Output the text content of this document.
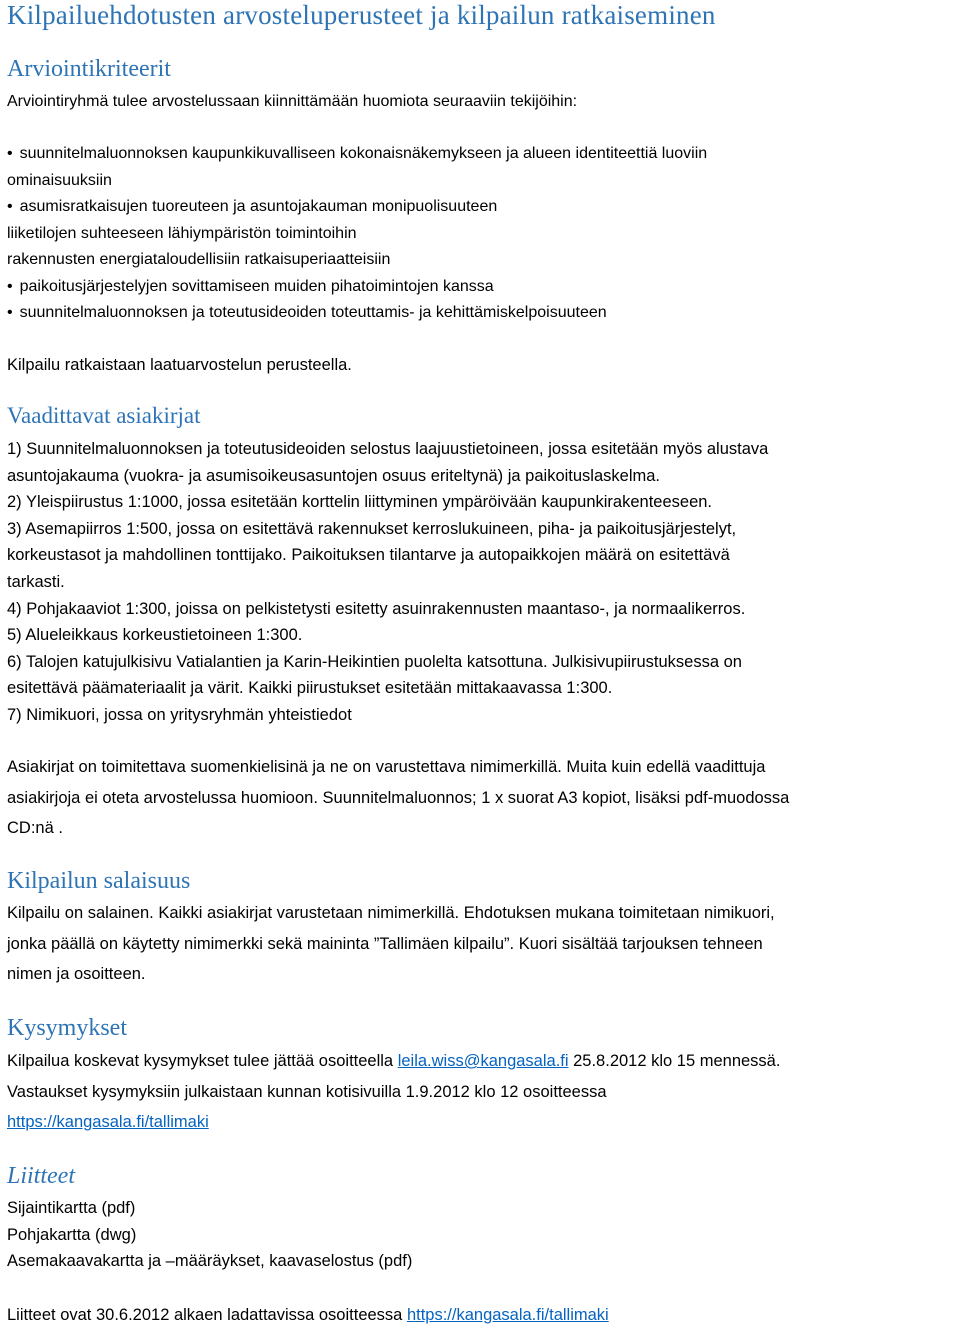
Kilpailuehdotusten arvosteluperusteet ja kilpailun ratkaiseminen
Arviointikriteerit
Arviointiryhmä tulee arvostelussaan kiinnittämään huomiota seuraaviin tekijöihin:
• suunnitelmaluonnoksen kaupunkikuvalliseen kokonaisnäkemykseen ja alueen identiteettiä luoviin
ominaisuuksiin
• asumisratkaisujen tuoreuteen ja asuntojakauman monipuolisuuteen
liiketilojen suhteeseen lähiympäristön toimintoihin
rakennusten energiataloudellisiin ratkaisuperiaatteisiin
• paikoitusjärjestelyjen sovittamiseen muiden pihatoimintojen kanssa
• suunnitelmaluonnoksen ja toteutusideoiden toteuttamis- ja kehittämiskelpoisuuteen
Kilpailu ratkaistaan laatuarvostelun perusteella.
Vaadittavat asiakirjat
1) Suunnitelmaluonnoksen ja toteutusideoiden selostus laajuustietoineen, jossa esitetään myös alustava
asuntojakauma (vuokra- ja asumisoikeusasuntojen osuus eriteltynä) ja paikoituslaskelma.
2) Yleispiirustus 1:1000, jossa esitetään korttelin liittyminen ympäröivään kaupunkirakenteeseen.
3) Asemapiirros 1:500, jossa on esitettävä rakennukset kerroslukuineen, piha- ja paikoitusjärjestelyt,
korkeustasot ja mahdollinen tonttijako. Paikoituksen tilantarve ja autopaikkojen määrä on esitettävä
tarkasti.
4) Pohjakaaviot 1:300, joissa on pelkistetysti esitetty asuinrakennusten maantaso-, ja normaalikerros.
5) Alueleikkaus korkeustietoineen 1:300.
6) Talojen katujulkisivu Vatialantien ja Karin-Heikintien puolelta katsottuna. Julkisivupiirustuksessa on
esitettävä päämateriaalit ja värit. Kaikki piirustukset esitetään mittakaavassa 1:300.
7) Nimikuori, jossa on yritysryhmän yhteistiedot
Asiakirjat on toimitettava suomenkielisinä ja ne on varustettava nimimerkillä. Muita kuin edellä vaadittuja
asiakirjoja ei oteta arvostelussa huomioon. Suunnitelmaluonnos; 1 x suorat A3 kopiot, lisäksi pdf-muodossa
CD:nä .
Kilpailun salaisuus
Kilpailu on salainen. Kaikki asiakirjat varustetaan nimimerkillä. Ehdotuksen mukana toimitetaan nimikuori,
jonka päällä on käytetty nimimerkki sekä maininta ”Tallimäen kilpailu”. Kuori sisältää tarjouksen tehneen
nimen ja osoitteen.
Kysymykset
Kilpailua koskevat kysymykset tulee jättää osoitteella leila.wiss@kangasala.fi 25.8.2012 klo 15 mennessä.
Vastaukset kysymyksiin julkaistaan kunnan kotisivuilla 1.9.2012 klo 12 osoitteessa
https://kangasala.fi/tallimaki
Liitteet
Sijaintikartta (pdf)
Pohjakartta (dwg)
Asemakaavakartta ja –määräykset, kaavaselostus (pdf)
Liitteet ovat 30.6.2012 alkaen ladattavissa osoitteessa https://kangasala.fi/tallimaki
